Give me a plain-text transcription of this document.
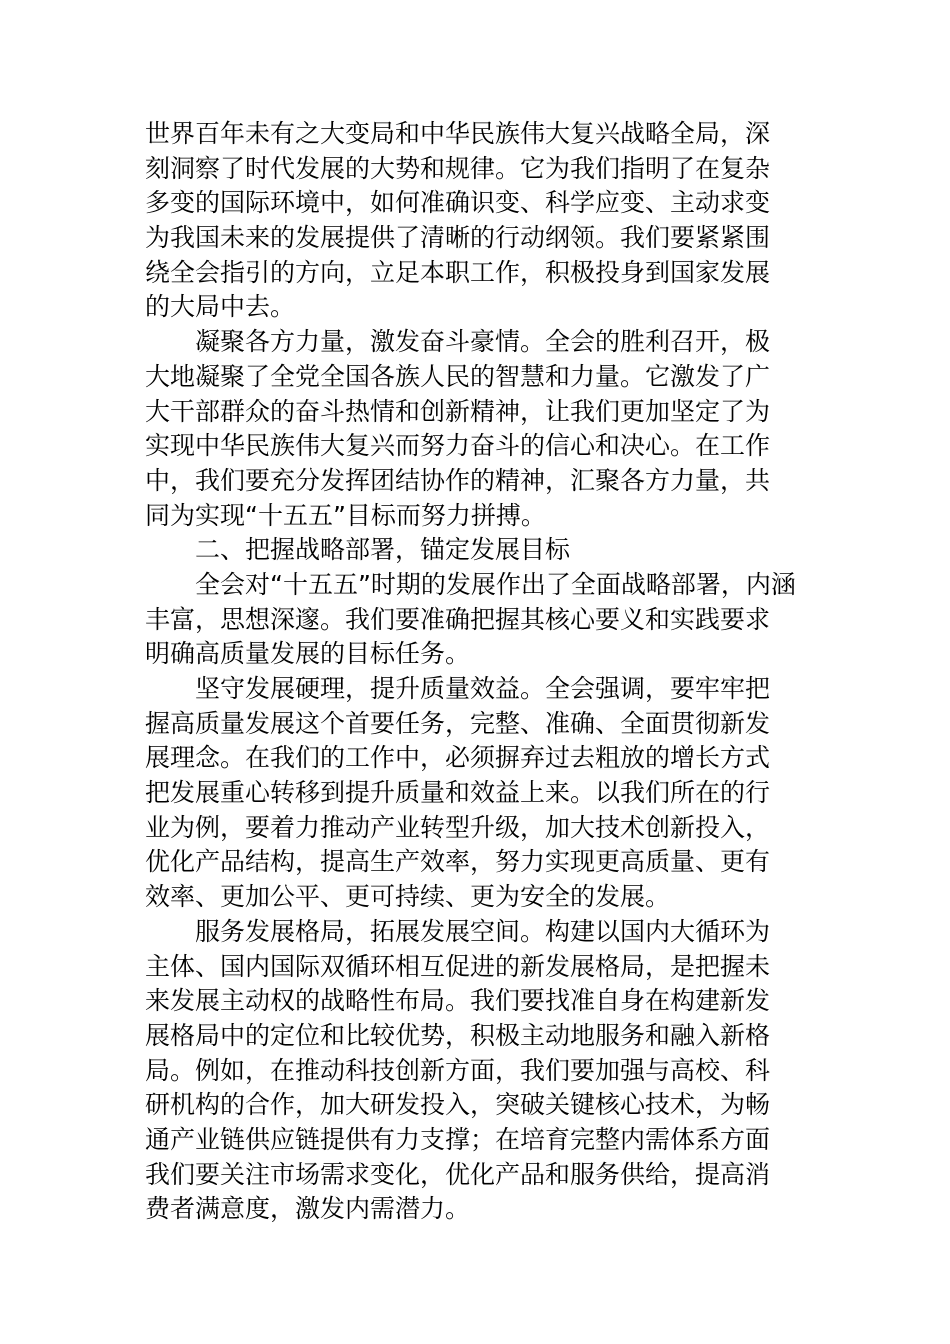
世界百年未有之大变局和中华民族伟大复兴战略全局，深
刻洞察了时代发展的大势和规律。它为我们指明了在复杂
多变的国际环境中，如何准确识变、科学应变、主动求变
为我国未来的发展提供了清晰的行动纲领。我们要紧紧围
绕全会指引的方向，立足本职工作，积极投身到国家发展
的大局中去。
凝聚各方力量，激发奋斗豪情。全会的胜利召开，极
大地凝聚了全党全国各族人民的智慧和力量。它激发了广
大干部群众的奋斗热情和创新精神，让我们更加坚定了为
实现中华民族伟大复兴而努力奋斗的信心和决心。在工作
中，我们要充分发挥团结协作的精神，汇聚各方力量，共
同为实现“十五五”目标而努力拼搏。
二、把握战略部署，锚定发展目标
全会对“十五五”时期的发展作出了全面战略部署，内涵
丰富，思想深邃。我们要准确把握其核心要义和实践要求
明确高质量发展的目标任务。
坚守发展硬理，提升质量效益。全会强调，要牢牢把
握高质量发展这个首要任务，完整、准确、全面贯彻新发
展理念。在我们的工作中，必须摒弃过去粗放的增长方式
把发展重心转移到提升质量和效益上来。以我们所在的行
业为例，要着力推动产业转型升级，加大技术创新投入，
优化产品结构，提高生产效率，努力实现更高质量、更有
效率、更加公平、更可持续、更为安全的发展。
服务发展格局，拓展发展空间。构建以国内大循环为
主体、国内国际双循环相互促进的新发展格局，是把握未
来发展主动权的战略性布局。我们要找准自身在构建新发
展格局中的定位和比较优势，积极主动地服务和融入新格
局。例如，在推动科技创新方面，我们要加强与高校、科
研机构的合作，加大研发投入，突破关键核心技术，为畅
通产业链供应链提供有力支撑；在培育完整内需体系方面
我们要关注市场需求变化，优化产品和服务供给，提高消
费者满意度，激发内需潜力。
